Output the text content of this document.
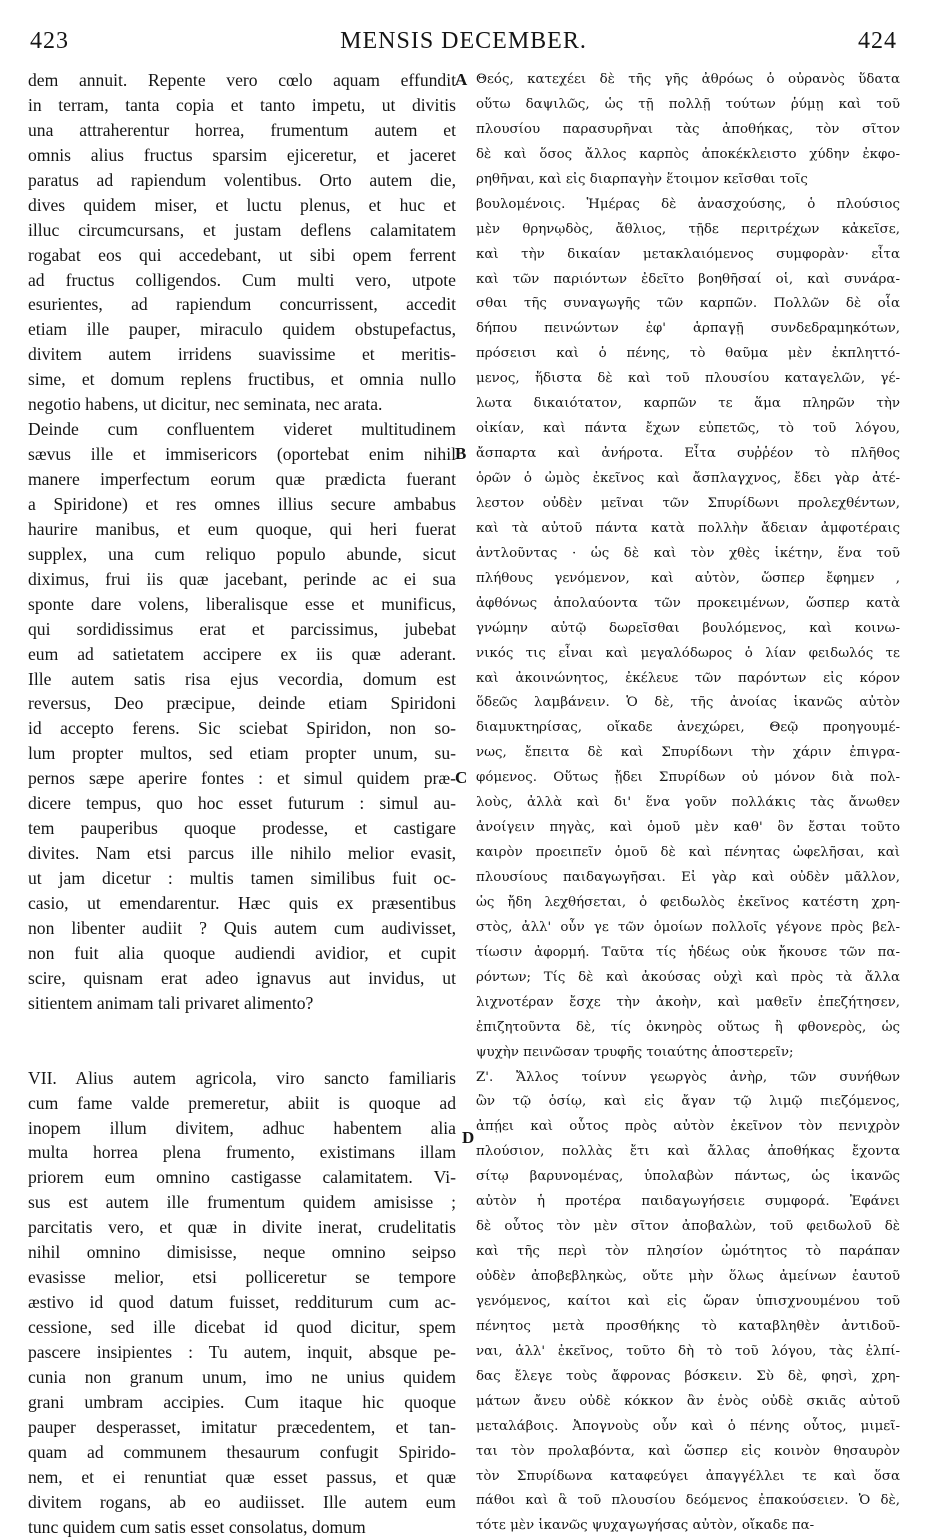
423	MENSIS DECEMBER.	424
dem annuit. Repente vero cœlo aquam effundit
in terram, tanta copia et tanto impetu, ut divitis
una attraherentur horrea, frumentum autem et
omnis alius fructus sparsim ejiceretur, et jaceret
paratus ad rapiendum volentibus. Orto autem die,
dives quidem miser, et luctu plenus, et huc et
illuc circumcursans, et justam deflens calamitatem
rogabat eos qui accedebant, ut sibi opem ferrent
ad fructus colligendos. Cum multi vero, utpote
esurientes, ad rapiendum concurrissent, accedit
etiam ille pauper, miraculo quidem obstupefactus,
divitem autem irridens suavissime et meritis-
sime, et domum replens fructibus, et omnia nullo
negotio habens, ut dicitur, nec seminata, nec arata.
Deinde cum confluentem videret multitudinem
sævus ille et immisericors (oportebat enim nihil
manere imperfectum eorum quæ prædicta fuerant
a Spiridone) et res omnes illius secure ambabus
haurire manibus, et eum quoque, qui heri fuerat
supplex, una cum reliquo populo abunde, sicut
diximus, frui iis quæ jacebant, perinde ac ei sua
sponte dare volens, liberalisque esse et munificus,
qui sordidissimus erat et parcissimus, jubebat
eum ad satietatem accipere ex iis quæ aderant.
Ille autem satis risa ejus vecordia, domum est
reversus, Deo præcipue, deinde etiam Spiridoni
id accepto ferens. Sic sciebat Spiridon, non so-
lum propter multos, sed etiam propter unum, su-
pernos sæpe aperire fontes : et simul quidem præ-
dicere tempus, quo hoc esset futurum : simul au-
tem pauperibus quoque prodesse, et castigare
divites. Nam etsi parcus ille nihilo melior evasit,
ut jam dicetur : multis tamen similibus fuit oc-
casio, ut emendarentur. Hæc quis ex præsentibus
non libenter audiit ? Quis autem cum audivisset,
non fuit alia quoque audiendi avidior, et cupit
scire, quisnam erat adeo ignavus aut invidus, ut
sitientem animam tali privaret alimento?
VII. Alius autem agricola, viro sancto familiaris
cum fame valde premeretur, abiit is quoque ad
inopem illum divitem, adhuc habentem alia
multa horrea plena frumento, existimans illam
priorem eum omnino castigasse calamitatem. Vi-
sus est autem ille frumentum quidem amisisse ;
parcitatis vero, et quæ in divite inerat, crudelitatis
nihil omnino dimisisse, neque omnino seipso
evasisse melior, etsi polliceretur se tempore
æstivo id quod datum fuisset, redditurum cum ac-
cessione, sed ille dicebat id quod dicitur, spem
pascere insipientes : Tu autem, inquit, absque pe-
cunia non granum unum, imo ne unius quidem
grani umbram accipies. Cum itaque hic quoque
pauper desperasset, imitatur præcedentem, et tan-
quam ad communem thesaurum confugit Spirido-
nem, et ei renuntiat quæ esset passus, et quæ
divitem rogans, ab eo audiisset. Ille autem eum
tunc quidem cum satis esset consolatus, domum
Θεός, κατεχέει δὲ τῆς γῆς ἀθρόως ὁ οὐρανὸς ὕδατα
οὕτω δαψιλῶς, ὡς τῇ πολλῇ τούτων ῥύμῃ καὶ τοῦ
πλουσίου παρασυρῆναι τὰς ἀποθήκας, τὸν σῖτον
δὲ καὶ ὅσος ἄλλος καρπὸς ἀποκέκλειστο χύδην ἐκφο-
ρηθῆναι, καὶ εἰς διαρπαγὴν ἕτοιμον κεῖσθαι τοῖς
βουλομένοις. Ἡμέρας δὲ ἀνασχούσης, ὁ πλούσιος
μὲν θρηνῳδὸς, ἄθλιος, τῇδε περιτρέχων κἀκεῖσε,
καὶ τὴν δικαίαν μετακλαιόμενος συμφορὰν· εἶτα
καὶ τῶν παριόντων ἐδεῖτο βοηθῆσαί οἱ, καὶ συνάρα-
σθαι τῆς συναγωγῆς τῶν καρπῶν. Πολλῶν δὲ οἷα
δήπου πεινώντων ἐφ' ἁρπαγῇ συνδεδραμηκότων,
πρόσεισι καὶ ὁ πένης, τὸ θαῦμα μὲν ἐκπληττό-
μενος, ἥδιστα δὲ καὶ τοῦ πλουσίου καταγελῶν, γέ-
λωτα δικαιότατον, καρπῶν τε ἅμα πληρῶν τὴν
οἰκίαν, καὶ πάντα ἔχων εὐπετῶς, τὸ τοῦ λόγου,
ἄσπαρτα καὶ ἀνήροτα. Εἶτα συῤῥέον τὸ πλῆθος
ὁρῶν ὁ ὠμὸς ἐκεῖνος καὶ ἄσπλαγχνος, ἔδει γὰρ ἀτέ-
λεστον οὐδὲν μεῖναι τῶν Σπυρίδωνι προλεχθέντων,
καὶ τὰ αὐτοῦ πάντα κατὰ πολλὴν ἄδειαν ἀμφοτέραις
ἀντλοῦντας · ὡς δὲ καὶ τὸν χθὲς ἱκέτην, ἕνα τοῦ
πλήθους γενόμενον, καὶ αὐτὸν, ὥσπερ ἔφημεν ,
ἀφθόνως ἀπολαύοντα τῶν προκειμένων, ὥσπερ κατὰ
γνώμην αὐτῷ δωρεῖσθαι βουλόμενος, καὶ κοινω-
νικός τις εἶναι καὶ μεγαλόδωρος ὁ λίαν φειδωλός τε
καὶ ἀκοινώνητος, ἐκέλευε τῶν παρόντων εἰς κόρον
ὅδεῶς λαμβάνειν. Ὁ δὲ, τῆς ἀνοίας ἱκανῶς αὐτὸν
διαμυκτηρίσας, οἴκαδε ἀνεχώρει, Θεῷ προηγουμέ-
νως, ἔπειτα δὲ καὶ Σπυρίδωνι τὴν χάριν ἐπιγρα-
φόμενος. Οὕτως ᾔδει Σπυρίδων οὐ μόνον διὰ πολ-
λοὺς, ἀλλὰ καὶ δι' ἕνα γοῦν πολλάκις τὰς ἄνωθεν
ἀνοίγειν πηγὰς, καὶ ὁμοῦ μὲν καθ' ὃν ἔσται τοῦτο
καιρὸν προειπεῖν ὁμοῦ δὲ καὶ πένητας ὠφελῆσαι, καὶ
πλουσίους παιδαγωγῆσαι. Εἰ γὰρ καὶ οὐδὲν μᾶλλον,
ὡς ἤδη λεχθήσεται, ὁ φειδωλὸς ἐκεῖνος κατέστη χρη-
στὸς, ἀλλ' οὖν γε τῶν ὁμοίων πολλοῖς γέγονε πρὸς βελ-
τίωσιν ἀφορμή. Ταῦτα τίς ἡδέως οὐκ ἤκουσε τῶν πα-
ρόντων; Τίς δὲ καὶ ἀκούσας οὐχὶ καὶ πρὸς τὰ ἄλλα
λιχνοτέραν ἔσχε τὴν ἀκοὴν, καὶ μαθεῖν ἐπεζήτησεν,
ἐπιζητοῦντα δὲ, τίς ὀκνηρὸς οὕτως ἢ φθονερὸς, ὡς
ψυχὴν πεινῶσαν τρυφῆς τοιαύτης ἀποστερεῖν;
Ζ'. Ἄλλος τοίνυν γεωργὸς ἀνὴρ, τῶν συνήθων
ὢν τῷ ὁσίῳ, καὶ εἰς ἄγαν τῷ λιμῷ πιεζόμενος,
ἀπῄει καὶ οὗτος πρὸς αὐτὸν ἐκεῖνον τὸν πενιχρὸν
πλούσιον, πολλὰς ἔτι καὶ ἄλλας ἀποθήκας ἔχοντα
σίτῳ βαρυνομένας, ὑπολαβὼν πάντως, ὡς ἱκανῶς
αὐτὸν ἡ προτέρα παιδαγωγήσειε συμφορά. Ἐφάνει
δὲ οὗτος τὸν μὲν σῖτον ἀποβαλὼν, τοῦ φειδωλοῦ δὲ
καὶ τῆς περὶ τὸν πλησίον ὠμότητος τὸ παράπαν
οὐδὲν ἀποβεβληκὼς, οὔτε μὴν ὅλως ἀμείνων ἑαυτοῦ
γενόμενος, καίτοι καὶ εἰς ὥραν ὑπισχνουμένου τοῦ
πένητος μετὰ προσθήκης τὸ καταβληθὲν ἀντιδοῦ-
ναι, ἀλλ' ἐκεῖνος, τοῦτο δὴ τὸ τοῦ λόγου, τὰς ἐλπί-
δας ἔλεγε τοὺς ἄφρονας βόσκειν. Σὺ δὲ, φησὶ, χρη-
μάτων ἄνευ οὐδὲ κόκκον ἂν ἑνὸς οὐδὲ σκιᾶς αὐτοῦ
μεταλάβοις. Ἀπογνοὺς οὖν καὶ ὁ πένης οὗτος, μιμεῖ-
ται τὸν προλαβόντα, καὶ ὥσπερ εἰς κοινὸν θησαυρὸν
τὸν Σπυρίδωνα καταφεύγει ἀπαγγέλλει τε καὶ ὅσα
πάθοι καὶ ἃ τοῦ πλουσίου δεόμενος ἐπακούσειεν. Ὁ δὲ,
τότε μὲν ἱκανῶς ψυχαγωγήσας αὐτὸν, οἴκαδε πα-
A
B
C
D
